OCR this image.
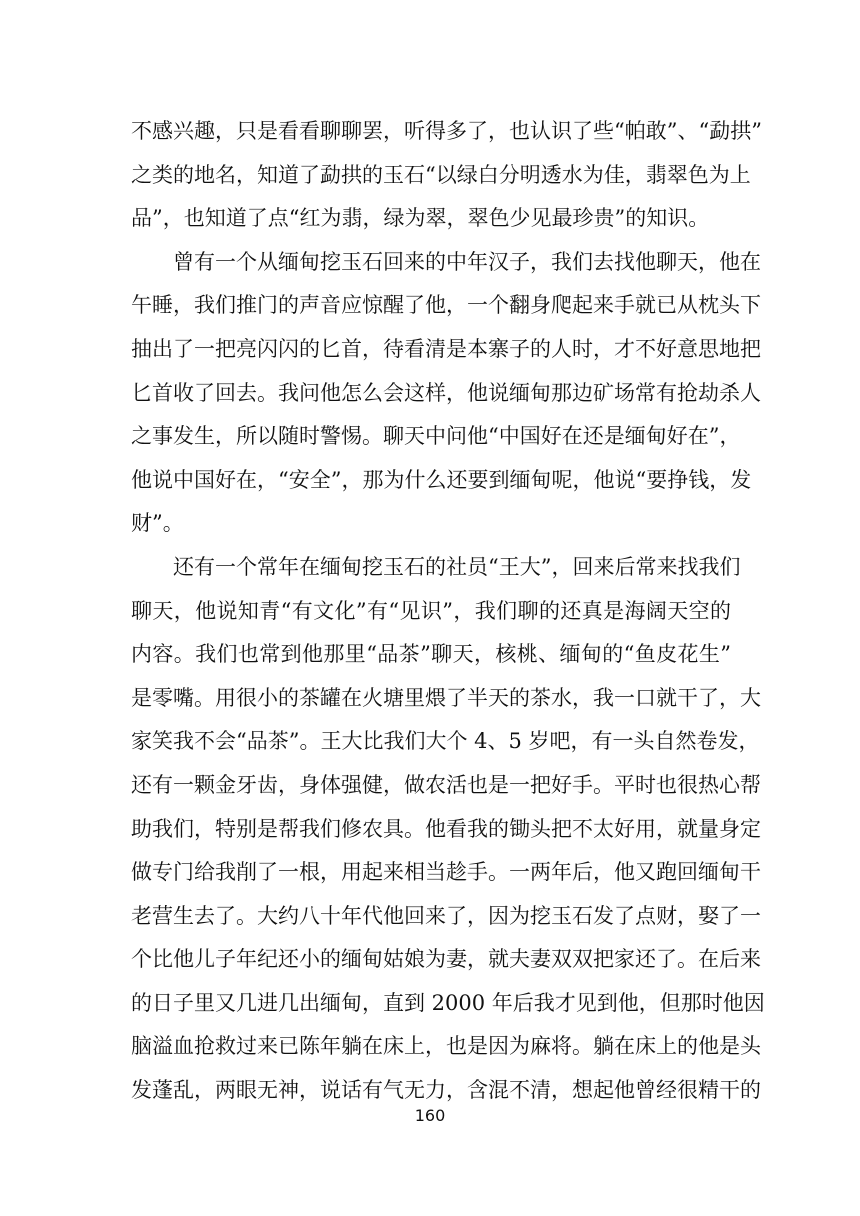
不感兴趣，只是看看聊聊罢，听得多了，也认识了些“帕敢”、“勐拱”
之类的地名，知道了勐拱的玉石“以绿白分明透水为佳，翡翠色为上
品”，也知道了点“红为翡，绿为翠，翠色少见最珍贵”的知识。
曾有一个从缅甸挖玉石回来的中年汉子，我们去找他聊天，他在
午睡，我们推门的声音应惊醒了他，一个翻身爬起来手就已从枕头下
抽出了一把亮闪闪的匕首，待看清是本寨子的人时，才不好意思地把
匕首收了回去。我问他怎么会这样，他说缅甸那边矿场常有抢劫杀人
之事发生，所以随时警惕。聊天中问他“中国好在还是缅甸好在”，
他说中国好在，“安全”，那为什么还要到缅甸呢，他说“要挣钱，发
财”。
还有一个常年在缅甸挖玉石的社员“王大”，回来后常来找我们
聊天，他说知青“有文化”有“见识”，我们聊的还真是海阔天空的
内容。我们也常到他那里“品茶”聊天，核桃、缅甸的“鱼皮花生”
是零嘴。用很小的茶罐在火塘里煨了半天的茶水，我一口就干了，大
家笑我不会“品茶”。王大比我们大个 4、5 岁吧，有一头自然卷发，
还有一颗金牙齿，身体强健，做农活也是一把好手。平时也很热心帮
助我们，特别是帮我们修农具。他看我的锄头把不太好用，就量身定
做专门给我削了一根，用起来相当趁手。一两年后，他又跑回缅甸干
老营生去了。大约八十年代他回来了，因为挖玉石发了点财，娶了一
个比他儿子年纪还小的缅甸姑娘为妻，就夫妻双双把家还了。在后来
的日子里又几进几出缅甸，直到 2000 年后我才见到他，但那时他因
脑溢血抢救过来已陈年躺在床上，也是因为麻将。躺在床上的他是头
发蓬乱，两眼无神，说话有气无力，含混不清，想起他曾经很精干的
160
